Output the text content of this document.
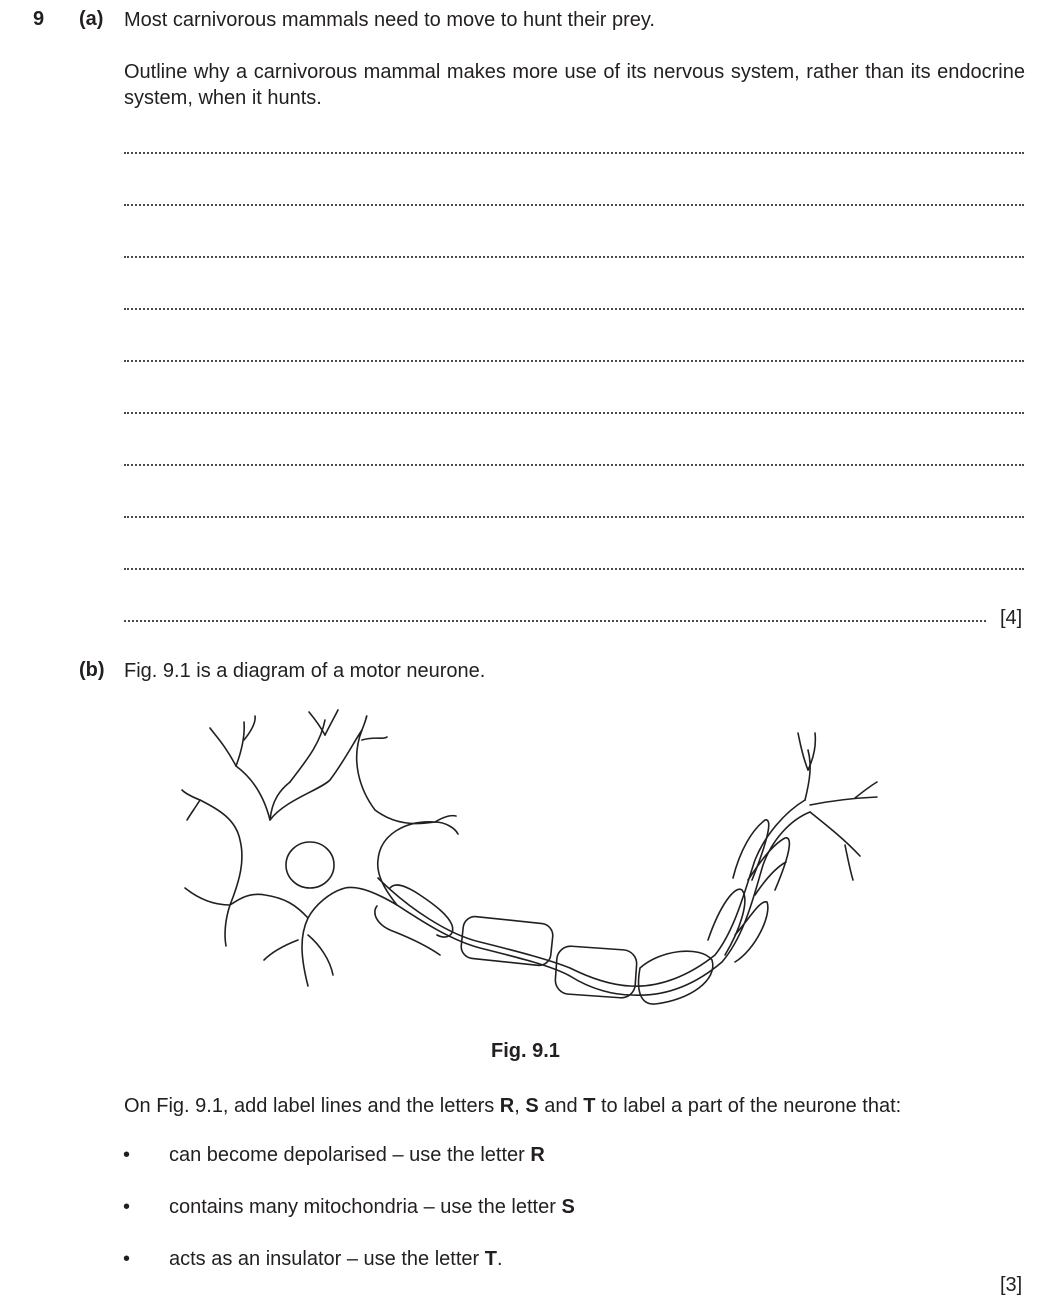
9 (a) Most carnivorous mammals need to move to hunt their prey.
Outline why a carnivorous mammal makes more use of its nervous system, rather than its endocrine system, when it hunts.
[4]
(b) Fig. 9.1 is a diagram of a motor neurone.
Fig. 9.1
On Fig. 9.1, add label lines and the letters R, S and T to label a part of the neurone that:
• can become depolarised – use the letter R
• contains many mitochondria – use the letter S
• acts as an insulator – use the letter T.
[3]
